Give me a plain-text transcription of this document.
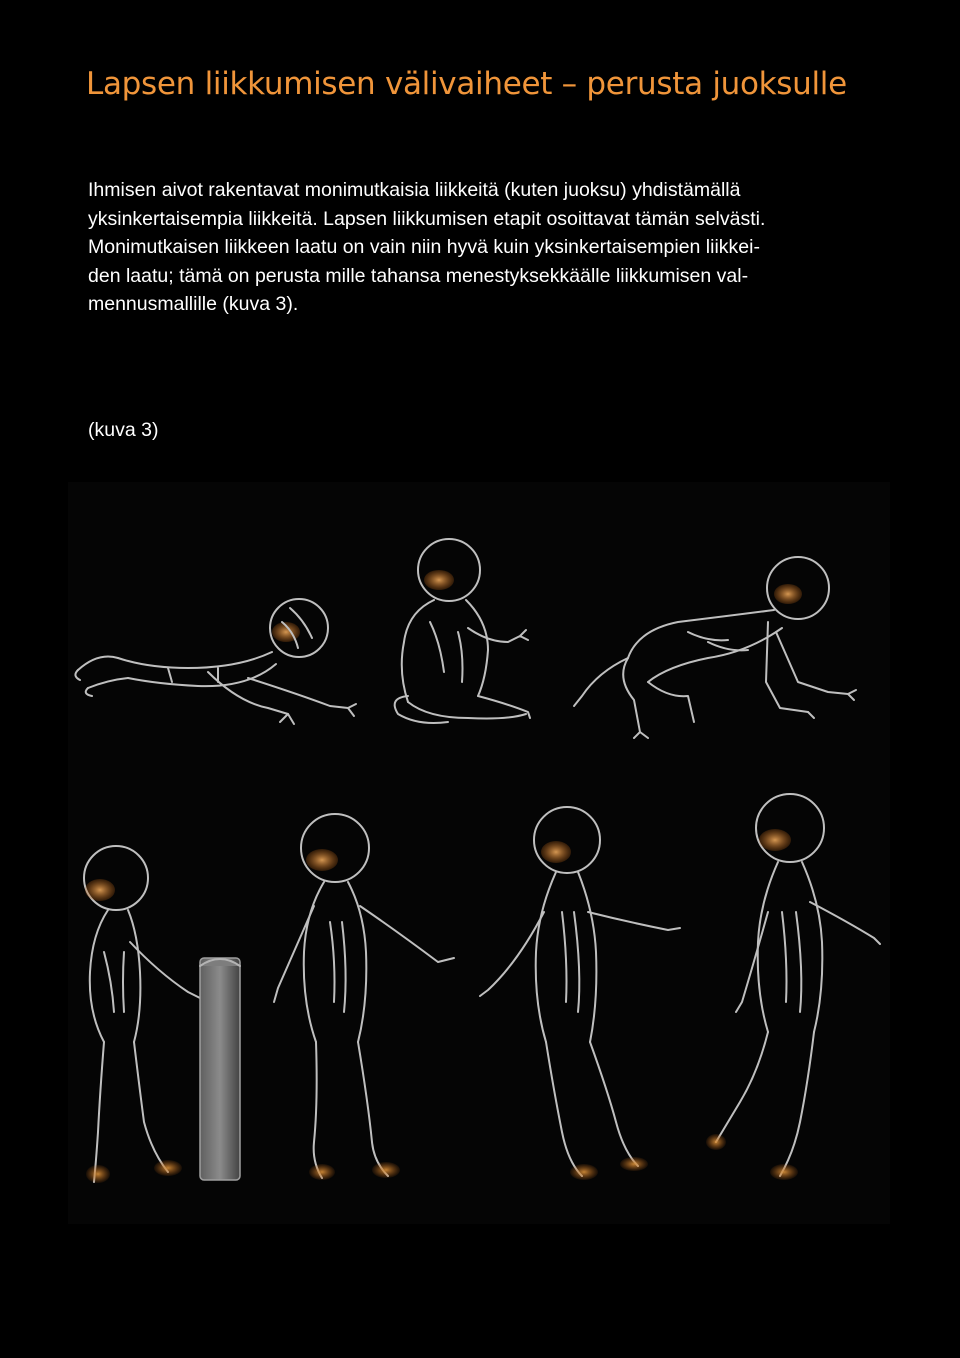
Lapsen liikkumisen välivaiheet – perusta juoksulle

Ihmisen aivot rakentavat monimutkaisia liikkeitä (kuten juoksu) yhdistämällä

yksinkertaisempia liikkeitä. Lapsen liikkumisen etapit osoittavat tämän selvästi.

Monimutkaisen liikkeen laatu on vain niin hyvä kuin yksinkertaisempien liikkei-

den laatu; tämä on perusta mille tahansa menestyksekkäälle liikkumisen val-

mennusmallille (kuva 3).

(kuva 3)
